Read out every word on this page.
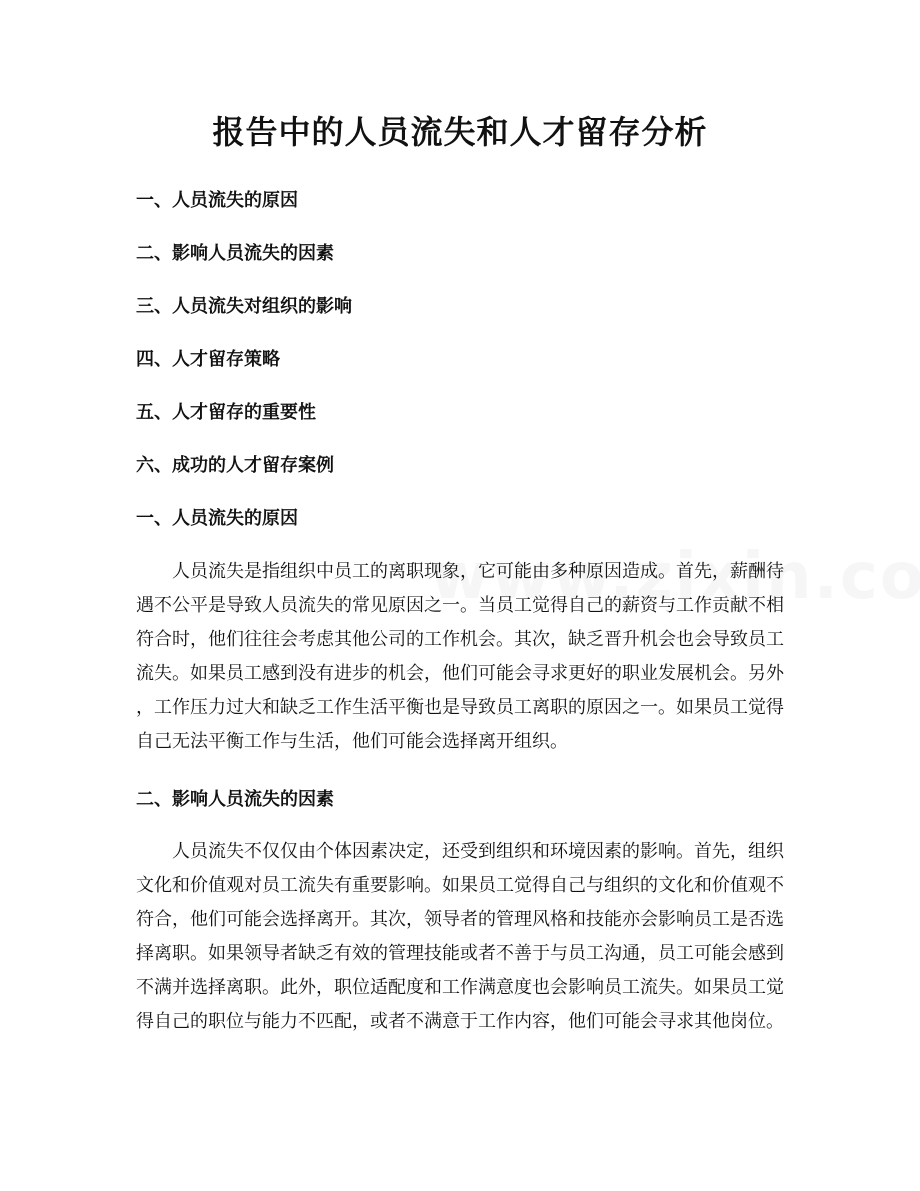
报告中的人员流失和人才留存分析
一、人员流失的原因
二、影响人员流失的因素
三、人员流失对组织的影响
四、人才留存策略
五、人才留存的重要性
六、成功的人才留存案例
一、人员流失的原因
人员流失是指组织中员工的离职现象，它可能由多种原因造成。首先，薪酬待
遇不公平是导致人员流失的常见原因之一。当员工觉得自己的薪资与工作贡献不相
符合时，他们往往会考虑其他公司的工作机会。其次，缺乏晋升机会也会导致员工
流失。如果员工感到没有进步的机会，他们可能会寻求更好的职业发展机会。另外
，工作压力过大和缺乏工作生活平衡也是导致员工离职的原因之一。如果员工觉得
自己无法平衡工作与生活，他们可能会选择离开组织。
二、影响人员流失的因素
人员流失不仅仅由个体因素决定，还受到组织和环境因素的影响。首先，组织
文化和价值观对员工流失有重要影响。如果员工觉得自己与组织的文化和价值观不
符合，他们可能会选择离开。其次，领导者的管理风格和技能亦会影响员工是否选
择离职。如果领导者缺乏有效的管理技能或者不善于与员工沟通，员工可能会感到
不满并选择离职。此外，职位适配度和工作满意度也会影响员工流失。如果员工觉
得自己的职位与能力不匹配，或者不满意于工作内容，他们可能会寻求其他岗位。
